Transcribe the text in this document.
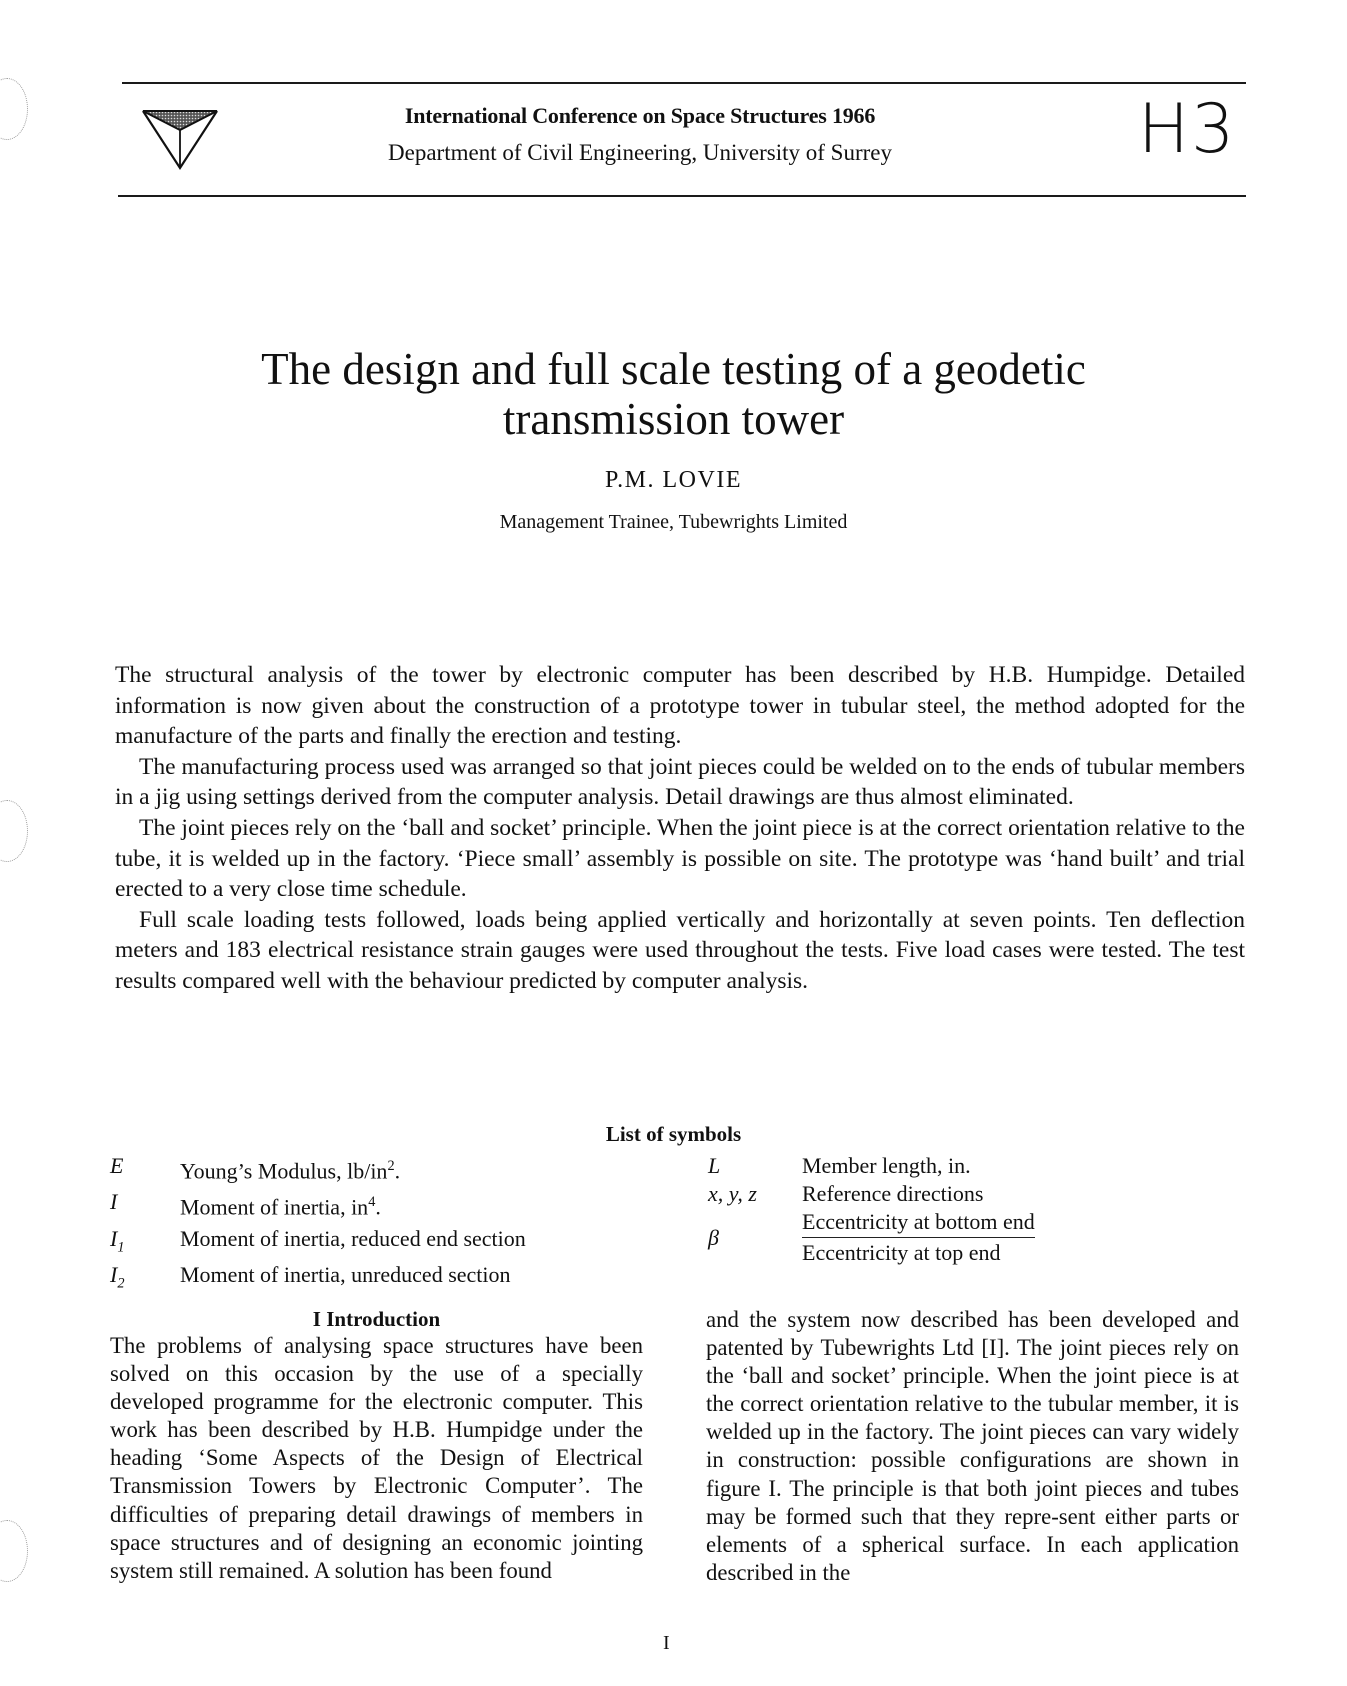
International Conference on Space Structures 1966
Department of Civil Engineering, University of Surrey	H3
The design and full scale testing of a geodetic
transmission tower
P.M. LOVIE
Management Trainee, Tubewrights Limited

The structural analysis of the tower by electronic computer has been described by H.B. Humpidge. Detailed information is now given about the construction of a prototype tower in tubular steel, the method adopted for the manufacture of the parts and finally the erection and testing.

The manufacturing process used was arranged so that joint pieces could be welded on to the ends of tubular members in a jig using settings derived from the computer analysis. Detail drawings are thus almost eliminated.

The joint pieces rely on the ‘ball and socket’ principle. When the joint piece is at the correct orientation relative to the tube, it is welded up in the factory. ‘Piece small’ assembly is possible on site. The prototype was ‘hand built’ and trial erected to a very close time schedule.

Full scale loading tests followed, loads being applied vertically and horizontally at seven points. Ten deflection meters and 183 electrical resistance strain gauges were used throughout the tests. Five load cases were tested. The test results compared well with the behaviour predicted by computer analysis.

List of symbols
E	Young’s Modulus, $lb/in^2$.
I	Moment of inertia, $in^4$.
$I_1$	Moment of inertia, reduced end section
$I_2$	Moment of inertia, unreduced section
L	Member length, in.
x, y, z	Reference directions
β	$\frac{\text{Eccentricity at bottom end}}{\text{Eccentricity at top end}}$
I Introduction

The problems of analysing space structures have been solved on this occasion by the use of a specially developed programme for the electronic computer. This work has been described by H.B. Humpidge under the heading ‘Some Aspects of the Design of Electrical Transmission Towers by Electronic Computer’. The difficulties of preparing detail drawings of members in space structures and of designing an economic jointing system still remained. A solution has been found

and the system now described has been developed and patented by Tubewrights Ltd [I]. The joint pieces rely on the ‘ball and socket’ principle. When the joint piece is at the correct orientation relative to the tubular member, it is welded up in the factory. The joint pieces can vary widely in construction: possible configurations are shown in figure I. The principle is that both joint pieces and tubes may be formed such that they repre-sent either parts or elements of a spherical surface. In each application described in the

I
